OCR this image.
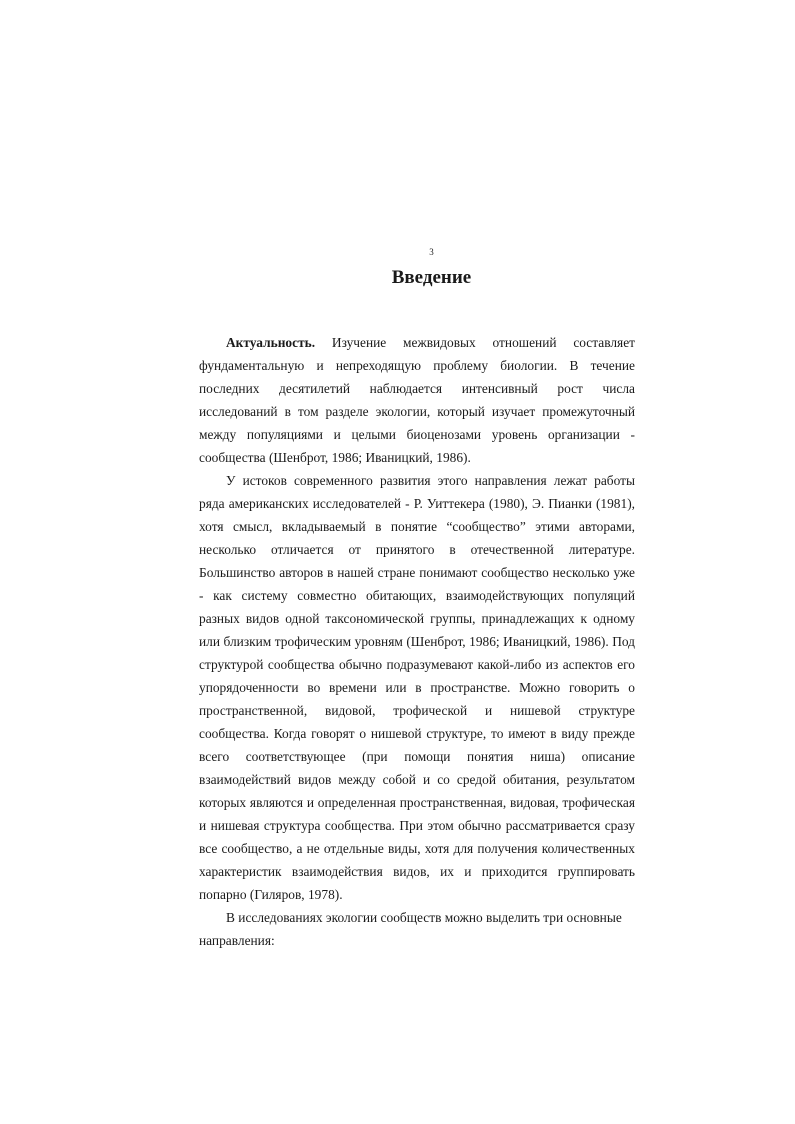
3
Введение

Актуальность. Изучение межвидовых отношений составляет фундаментальную и непреходящую проблему биологии. В течение последних десятилетий наблюдается интенсивный рост числа исследований в том разделе экологии, который изучает промежуточный между популяциями и целыми биоценозами уровень организации - сообщества (Шенброт, 1986; Иваницкий, 1986).

У истоков современного развития этого направления лежат работы ряда американских исследователей - Р. Уиттекера (1980), Э. Пианки (1981), хотя смысл, вкладываемый в понятие “сообщество” этими авторами, несколько отличается от принятого в отечественной литературе. Большинство авторов в нашей стране понимают сообщество несколько уже - как систему совместно обитающих, взаимодействующих популяций разных видов одной таксономической группы, принадлежащих к одному или близким трофическим уровням (Шенброт, 1986; Иваницкий, 1986). Под структурой сообщества обычно подразумевают какой-либо из аспектов его упорядоченности во времени или в пространстве. Можно говорить о пространственной, видовой, трофической и нишевой структуре сообщества. Когда говорят о нишевой структуре, то имеют в виду прежде всего соответствующее (при помощи понятия ниша) описание взаимодействий видов между собой и со средой обитания, результатом которых являются и определенная пространственная, видовая, трофическая и нишевая структура сообщества. При этом обычно рассматривается сразу все сообщество, а не отдельные виды, хотя для получения количественных характеристик взаимодействия видов, их и приходится группировать попарно (Гиляров, 1978).

В исследованиях экологии сообществ можно выделить три основные направления:
